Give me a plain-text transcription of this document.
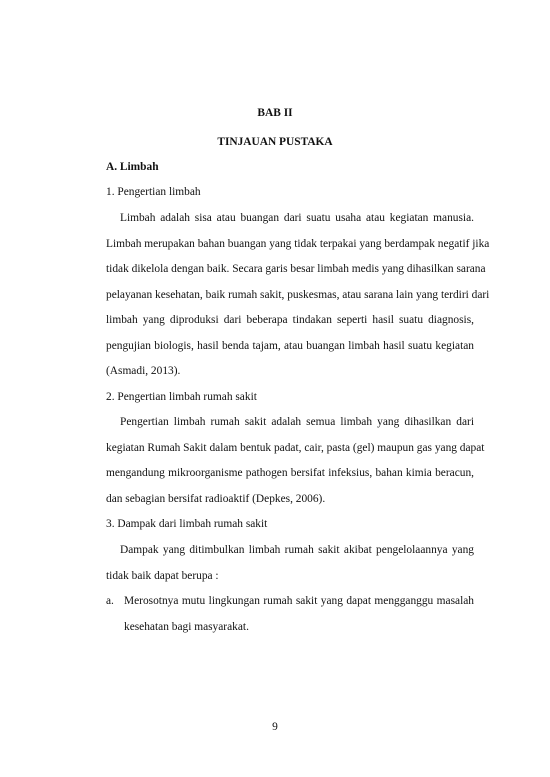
BAB II
TINJAUAN PUSTAKA
A. Limbah
1. Pengertian limbah
Limbah adalah sisa atau buangan dari suatu usaha atau kegiatan manusia.
Limbah merupakan bahan buangan yang tidak terpakai yang berdampak negatif jika
tidak dikelola dengan baik. Secara garis besar limbah medis yang dihasilkan sarana
pelayanan kesehatan, baik rumah sakit, puskesmas, atau sarana lain yang terdiri dari
limbah yang diproduksi dari beberapa tindakan seperti hasil suatu diagnosis,
pengujian biologis, hasil benda tajam, atau buangan limbah hasil suatu kegiatan
(Asmadi, 2013).
2. Pengertian limbah rumah sakit
Pengertian limbah rumah sakit adalah semua limbah yang dihasilkan dari
kegiatan Rumah Sakit dalam bentuk padat, cair, pasta (gel) maupun gas yang dapat
mengandung mikroorganisme pathogen bersifat infeksius, bahan kimia beracun,
dan sebagian bersifat radioaktif (Depkes, 2006).
3. Dampak dari limbah rumah sakit
Dampak yang ditimbulkan limbah rumah sakit akibat pengelolaannya yang
tidak baik dapat berupa :
a. Merosotnya mutu lingkungan rumah sakit yang dapat mengganggu masalah
kesehatan bagi masyarakat.
9
